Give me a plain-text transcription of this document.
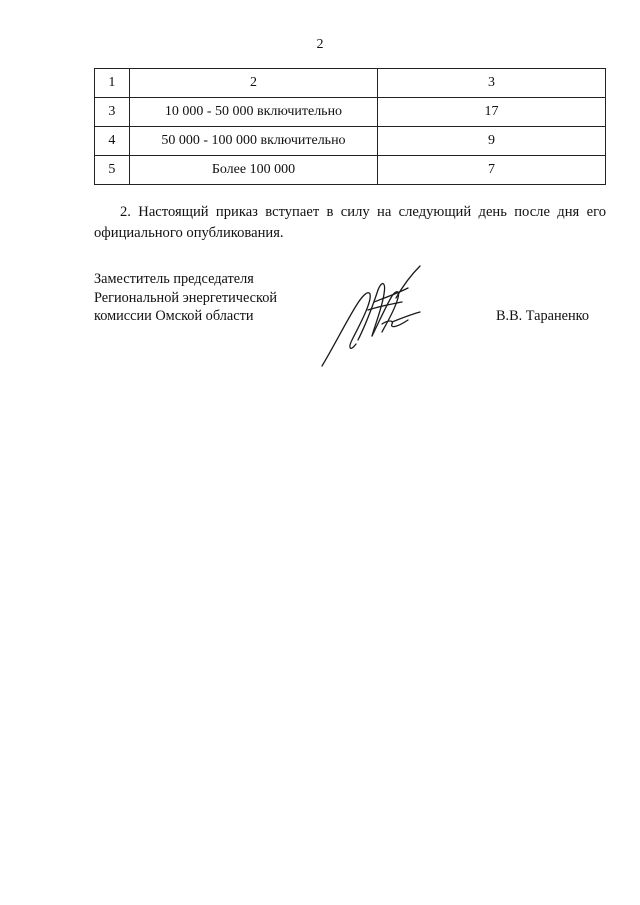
2
1	2	3
3	10 000 - 50 000 включительно	17
4	50 000 - 100 000 включительно	9
5	Более 100 000	7

2. Настоящий приказ вступает в силу на следующий день после дня его официального опубликования.

Заместитель председателя
Региональной энергетической
комиссии Омской области	В.В. Тараненко
